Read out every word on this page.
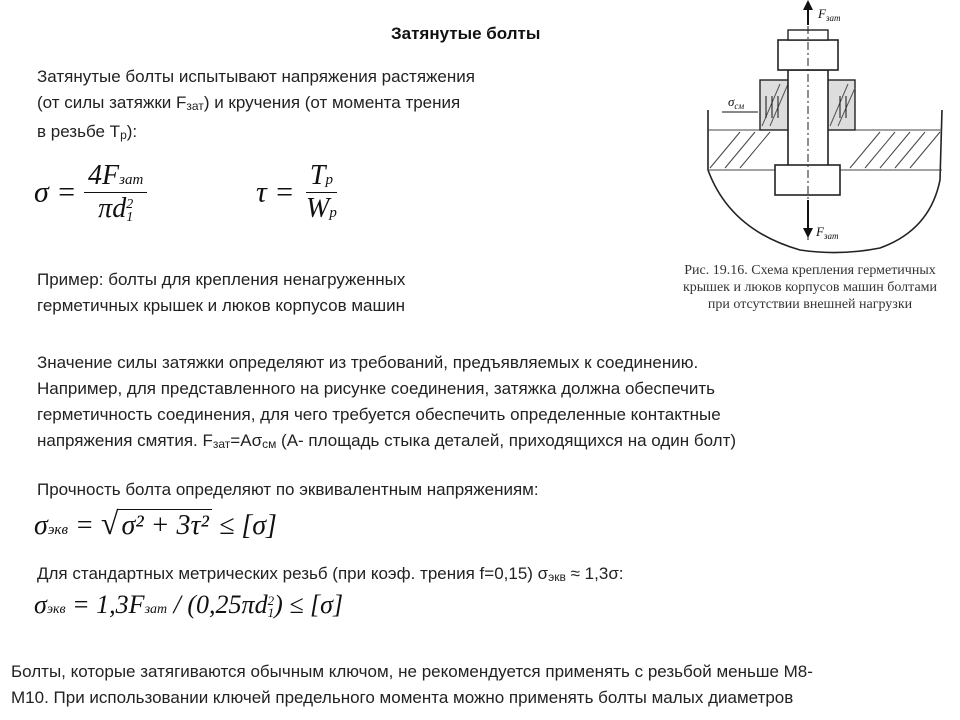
Затянутые болты
Затянутые болты испытывают напряжения растяжения
(от силы затяжки Fзат) и кручения (от момента трения
в резьбе Tр):
σ = 4Fзат
πd 2
1	$\tau = \frac{Tр}{Wр}$
Пример: болты для крепления ненагруженных
герметичных крышек и люков корпусов машин
$F_{зат}$
$F_{зат}$
$\sigma_{см}$
Рис. 19.16. Схема крепления герметичных крышек и люков корпусов машин болтами при отсутствии внешней нагрузки
Значение силы затяжки определяют из требований, предъявляемых к соединению.
Например, для представленного на рисунке соединения, затяжка должна обеспечить
герметичность соединения, для чего требуется обеспечить определенные контактные
напряжения смятия. Fзат=Aσсм (А- площадь стыка деталей, приходящихся на один болт)
Прочность болта определяют по эквивалентным напряжениям:
σэкв = √ σ² + 3τ² ≤ [σ]
Для стандартных метрических резьб (при коэф. трения f=0,15) σэкв ≈ 1,3σ:
σэкв = 1,3Fзат / (0,25πd 2
1 ) ≤ [σ]
Болты, которые затягиваются обычным ключом, не рекомендуется применять с резьбой меньше М8-
М10. При использовании ключей предельного момента можно применять болты малых диаметров
